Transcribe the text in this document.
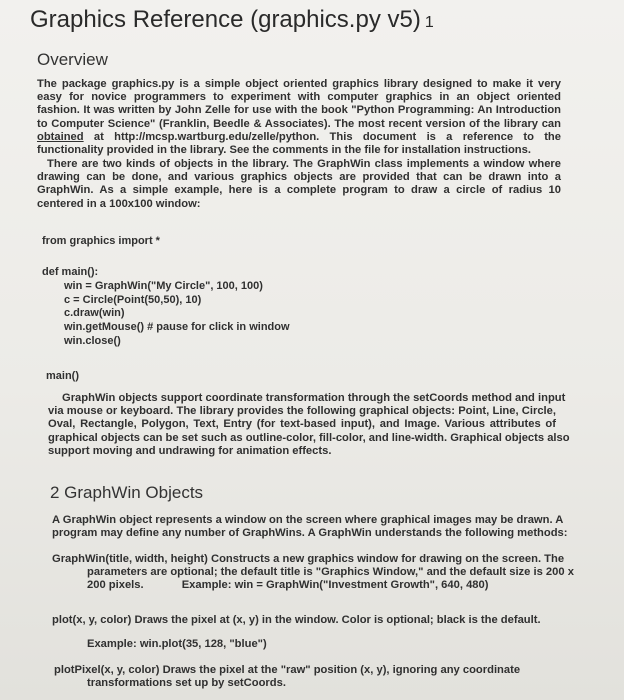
Graphics Reference (graphics.py v5) 1
Overview
The package graphics.py is a simple object oriented graphics library designed to make it very
easy for novice programmers to experiment with computer graphics in an object oriented
fashion. It was written by John Zelle for use with the book "Python Programming: An Introduction
to Computer Science" (Franklin, Beedle & Associates). The most recent version of the library can
obtained at http://mcsp.wartburg.edu/zelle/python. This document is a reference to the
functionality provided in the library. See the comments in the file for installation instructions.
There are two kinds of objects in the library. The GraphWin class implements a window where
drawing can be done, and various graphics objects are provided that can be drawn into a
GraphWin. As a simple example, here is a complete program to draw a circle of radius 10
centered in a 100x100 window:
from graphics import *
def main():
win = GraphWin("My Circle", 100, 100)
c = Circle(Point(50,50), 10)
c.draw(win)
win.getMouse() # pause for click in window
win.close()
main()
GraphWin objects support coordinate transformation through the setCoords method and input
via mouse or keyboard. The library provides the following graphical objects: Point, Line, Circle,
Oval, Rectangle, Polygon, Text, Entry (for text-based input), and Image. Various attributes of
graphical objects can be set such as outline-color, fill-color, and line-width. Graphical objects also
support moving and undrawing for animation effects.
2 GraphWin Objects
A GraphWin object represents a window on the screen where graphical images may be drawn. A
program may define any number of GraphWins. A GraphWin understands the following methods:
GraphWin(title, width, height) Constructs a new graphics window for drawing on the screen. The
parameters are optional; the default title is "Graphics Window," and the default size is 200 x
200 pixels.	Example: win = GraphWin("Investment Growth", 640, 480)
plot(x, y, color) Draws the pixel at (x, y) in the window. Color is optional; black is the default.
Example: win.plot(35, 128, "blue")
plotPixel(x, y, color) Draws the pixel at the "raw" position (x, y), ignoring any coordinate transformations set up by setCoords.
